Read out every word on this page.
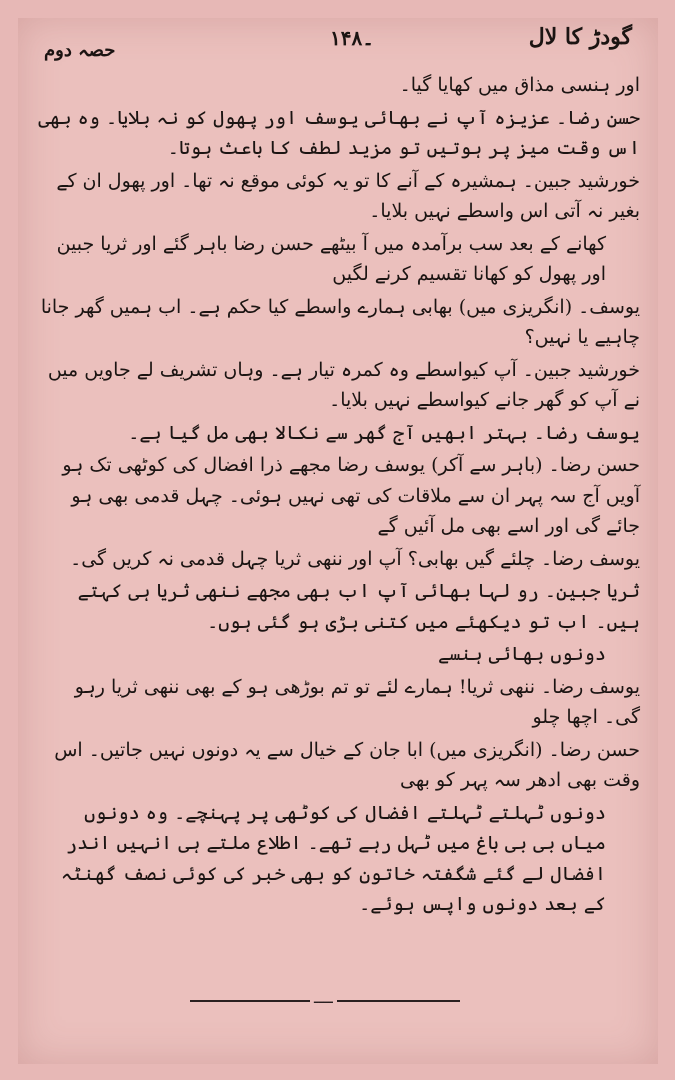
گودڑ کا لال
۱۴۸۔
حصہ دوم

اور ہنسی مذاق میں کھایا گیا۔

حسن رضا۔ عزیزہ آپ نے بھائی یوسف اور پھول کو نہ بلایا۔ وہ بھی اس وقت میز پر ہوتیں تو مزید لطف کا باعث ہوتا۔

خورشید جبین۔ ہمشیرہ کے آنے کا تو یہ کوئی موقع نہ تھا۔ اور پھول ان کے بغیر نہ آتی اس واسطے نہیں بلایا۔

کھانے کے بعد سب برآمدہ میں آ بیٹھے حسن رضا باہر گئے اور ثریا جبین اور پھول کو کھانا تقسیم کرنے لگیں

یوسف۔ (انگریزی میں) بھابی ہمارے واسطے کیا حکم ہے۔ اب ہمیں گھر جانا چاہیے یا نہیں؟

خورشید جبین۔ آپ کیواسطے وہ کمرہ تیار ہے۔ وہاں تشریف لے جاویں میں نے آپ کو گھر جانے کیواسطے نہیں بلایا۔

یوسف رضا۔ بہتر ابھیں آج گھر سے نکالا بھی مل گیا ہے۔

حسن رضا۔ (باہر سے آکر) یوسف رضا مجھے ذرا افضال کی کوٹھی تک ہو آویں آج سہ پہر ان سے ملاقات کی تھی نہیں ہوئی۔ چہل قدمی بھی ہو جائے گی اور اسے بھی مل آئیں گے

یوسف رضا۔ چلئے گیں بھابی؟ آپ اور ننھی ثریا چہل قدمی نہ کریں گی۔

ثریا جبین۔ رو لہا بھائی آپ اب بھی مجھے ننھی ثریا ہی کہتے ہیں۔ اب تو دیکھئے میں کتنی بڑی ہو گئی ہوں۔

دونوں بھائی ہنسے

یوسف رضا۔ ننھی ثریا! ہمارے لئے تو تم بوڑھی ہو کے بھی ننھی ثریا رہو گی۔ اچھا چلو

حسن رضا۔ (انگریزی میں) ابا جان کے خیال سے یہ دونوں نہیں جاتیں۔ اس وقت بھی ادھر سہ پہر کو بھی

دونوں ٹہلتے ٹہلتے افضال کی کوٹھی پر پہنچے۔ وہ دونوں میاں بی بی باغ میں ٹہل رہے تھے۔ اطلاع ملتے ہی انہیں اندر افضال لے گئے شگفتہ خاتون کو بھی خبر کی کوئی نصف گھنٹہ کے بعد دونوں واپس ہوئے۔

ــــ
